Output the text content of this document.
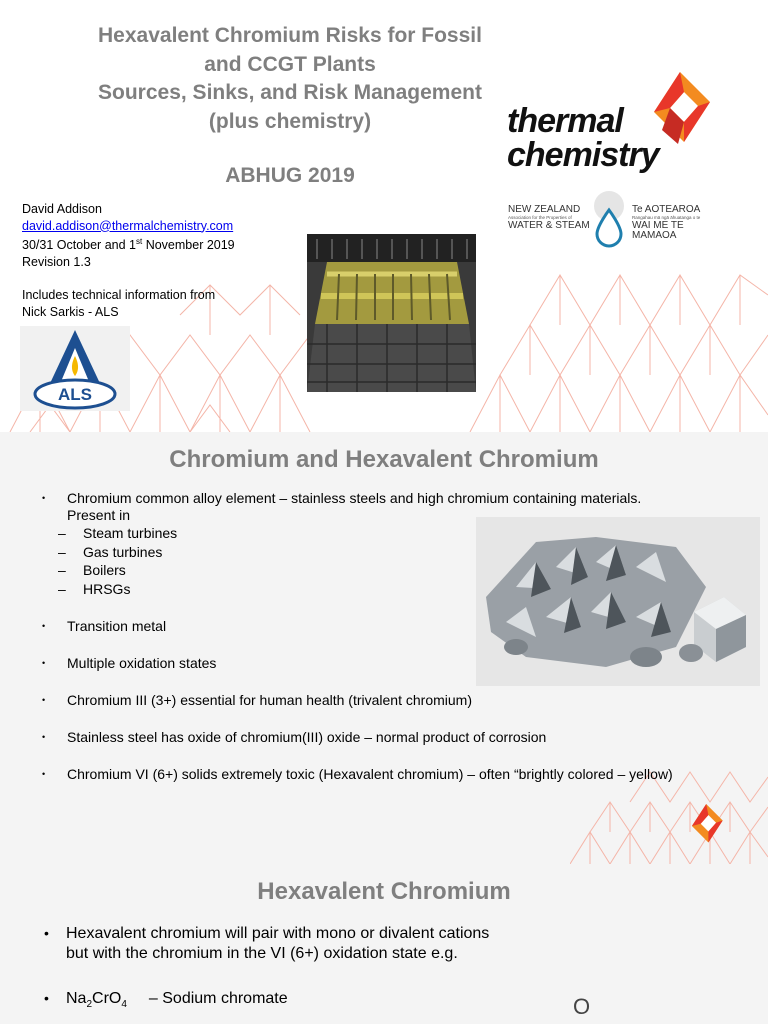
Hexavalent Chromium Risks for Fossil
and CCGT Plants
Sources, Sinks, and Risk Management
(plus chemistry)
ABHUG 2019
David Addison
david.addison@thermalchemistry.com
30/31 October and 1st November 2019
Revision 1.3
Includes technical information from
Nick Sarkis - ALS
thermal
chemistry
NEW ZEALAND
Association for the Properties of
WATER & STEAM
Te AOTEAROA
Rangahau mā ngā āhuatanga o te
WAI ME TE MAMAOA
ALS
Chromium and Hexavalent Chromium
• Chromium common alloy element – stainless steels and high chromium containing materials. Present in
– Steam turbines
– Gas turbines
– Boilers
– HRSGs
• Transition metal
• Multiple oxidation states
• Chromium III (3+) essential for human health (trivalent chromium)
• Stainless steel has oxide of chromium(III) oxide – normal product of corrosion
• Chromium VI (6+) solids extremely toxic (Hexavalent chromium) – often “brightly colored – yellow)
Hexavalent Chromium
• Hexavalent chromium will pair with mono or divalent cations but with the chromium in the VI (6+) oxidation state e.g.
• $Na_2CrO_4$ – Sodium chromate	O
